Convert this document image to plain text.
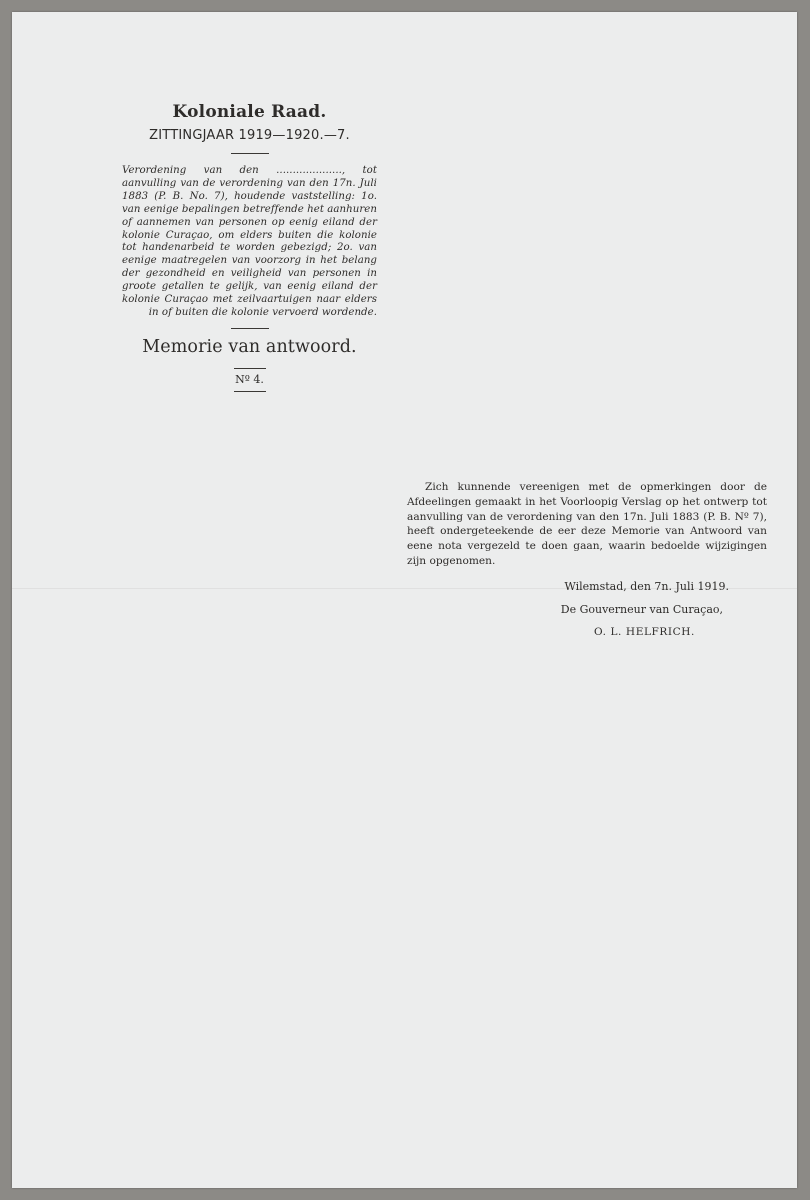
Koloniale Raad.
ZITTINGJAAR 1919—1920.—7.
Verordening van den ...................., tot aanvulling van de verordening van den 17n. Juli 1883 (P. B. No. 7), houdende vaststelling: 1o. van eenige bepalingen betreffende het aanhuren of aannemen van personen op eenig eiland der kolonie Curaçao, om elders buiten die kolonie tot handenarbeid te worden gebezigd; 2o. van eenige maatregelen van voorzorg in het belang der gezondheid en veiligheid van personen in groote getallen te gelijk, van eenig eiland der kolonie Curaçao met zeilvaartuigen naar elders in of buiten die kolonie vervoerd wordende.
Memorie van antwoord.
Nº 4.

Zich kunnende vereenigen met de opmerkingen door de Afdeelingen gemaakt in het Voorloopig Verslag op het ontwerp tot aanvulling van de verordening van den 17n. Juli 1883 (P. B. Nº 7), heeft ondergeteekende de eer deze Memorie van Antwoord van eene nota vergezeld te doen gaan, waarin bedoelde wijzigingen zijn opgenomen.

Wilemstad, den 7n. Juli 1919.
De Gouverneur van Curaçao,
O. L. HELFRICH.
